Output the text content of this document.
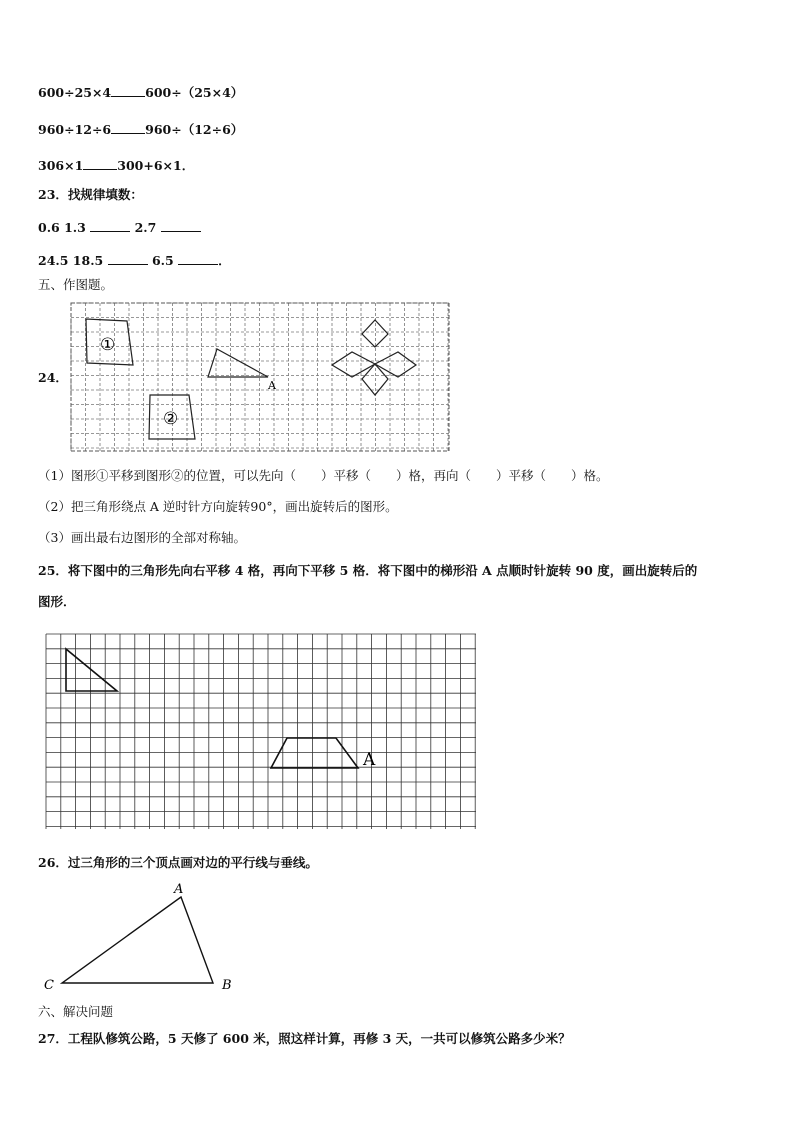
600÷25×4	600÷（25×4）
960÷12÷6	960÷（12÷6）
306×1	300+6×1．
23．找规律填数：
0.6 1.3	2.7
24.5 18.5	6.5	．
五、作图题。
24．
①
②
A
（1）图形①平移到图形②的位置，可以先向（　　）平移（　　）格，再向（　　）平移（　　）格。
（2）把三角形绕点 A 逆时针方向旋转90°，画出旋转后的图形。
（3）画出最右边图形的全部对称轴。
25．将下图中的三角形先向右平移 4 格，再向下平移 5 格．将下图中的梯形沿 A 点顺时针旋转 90 度，画出旋转后的
图形．
A
26．过三角形的三个顶点画对边的平行线与垂线。
A
B
C
六、解决问题
27．工程队修筑公路，5 天修了 600 米，照这样计算，再修 3 天，一共可以修筑公路多少米？
